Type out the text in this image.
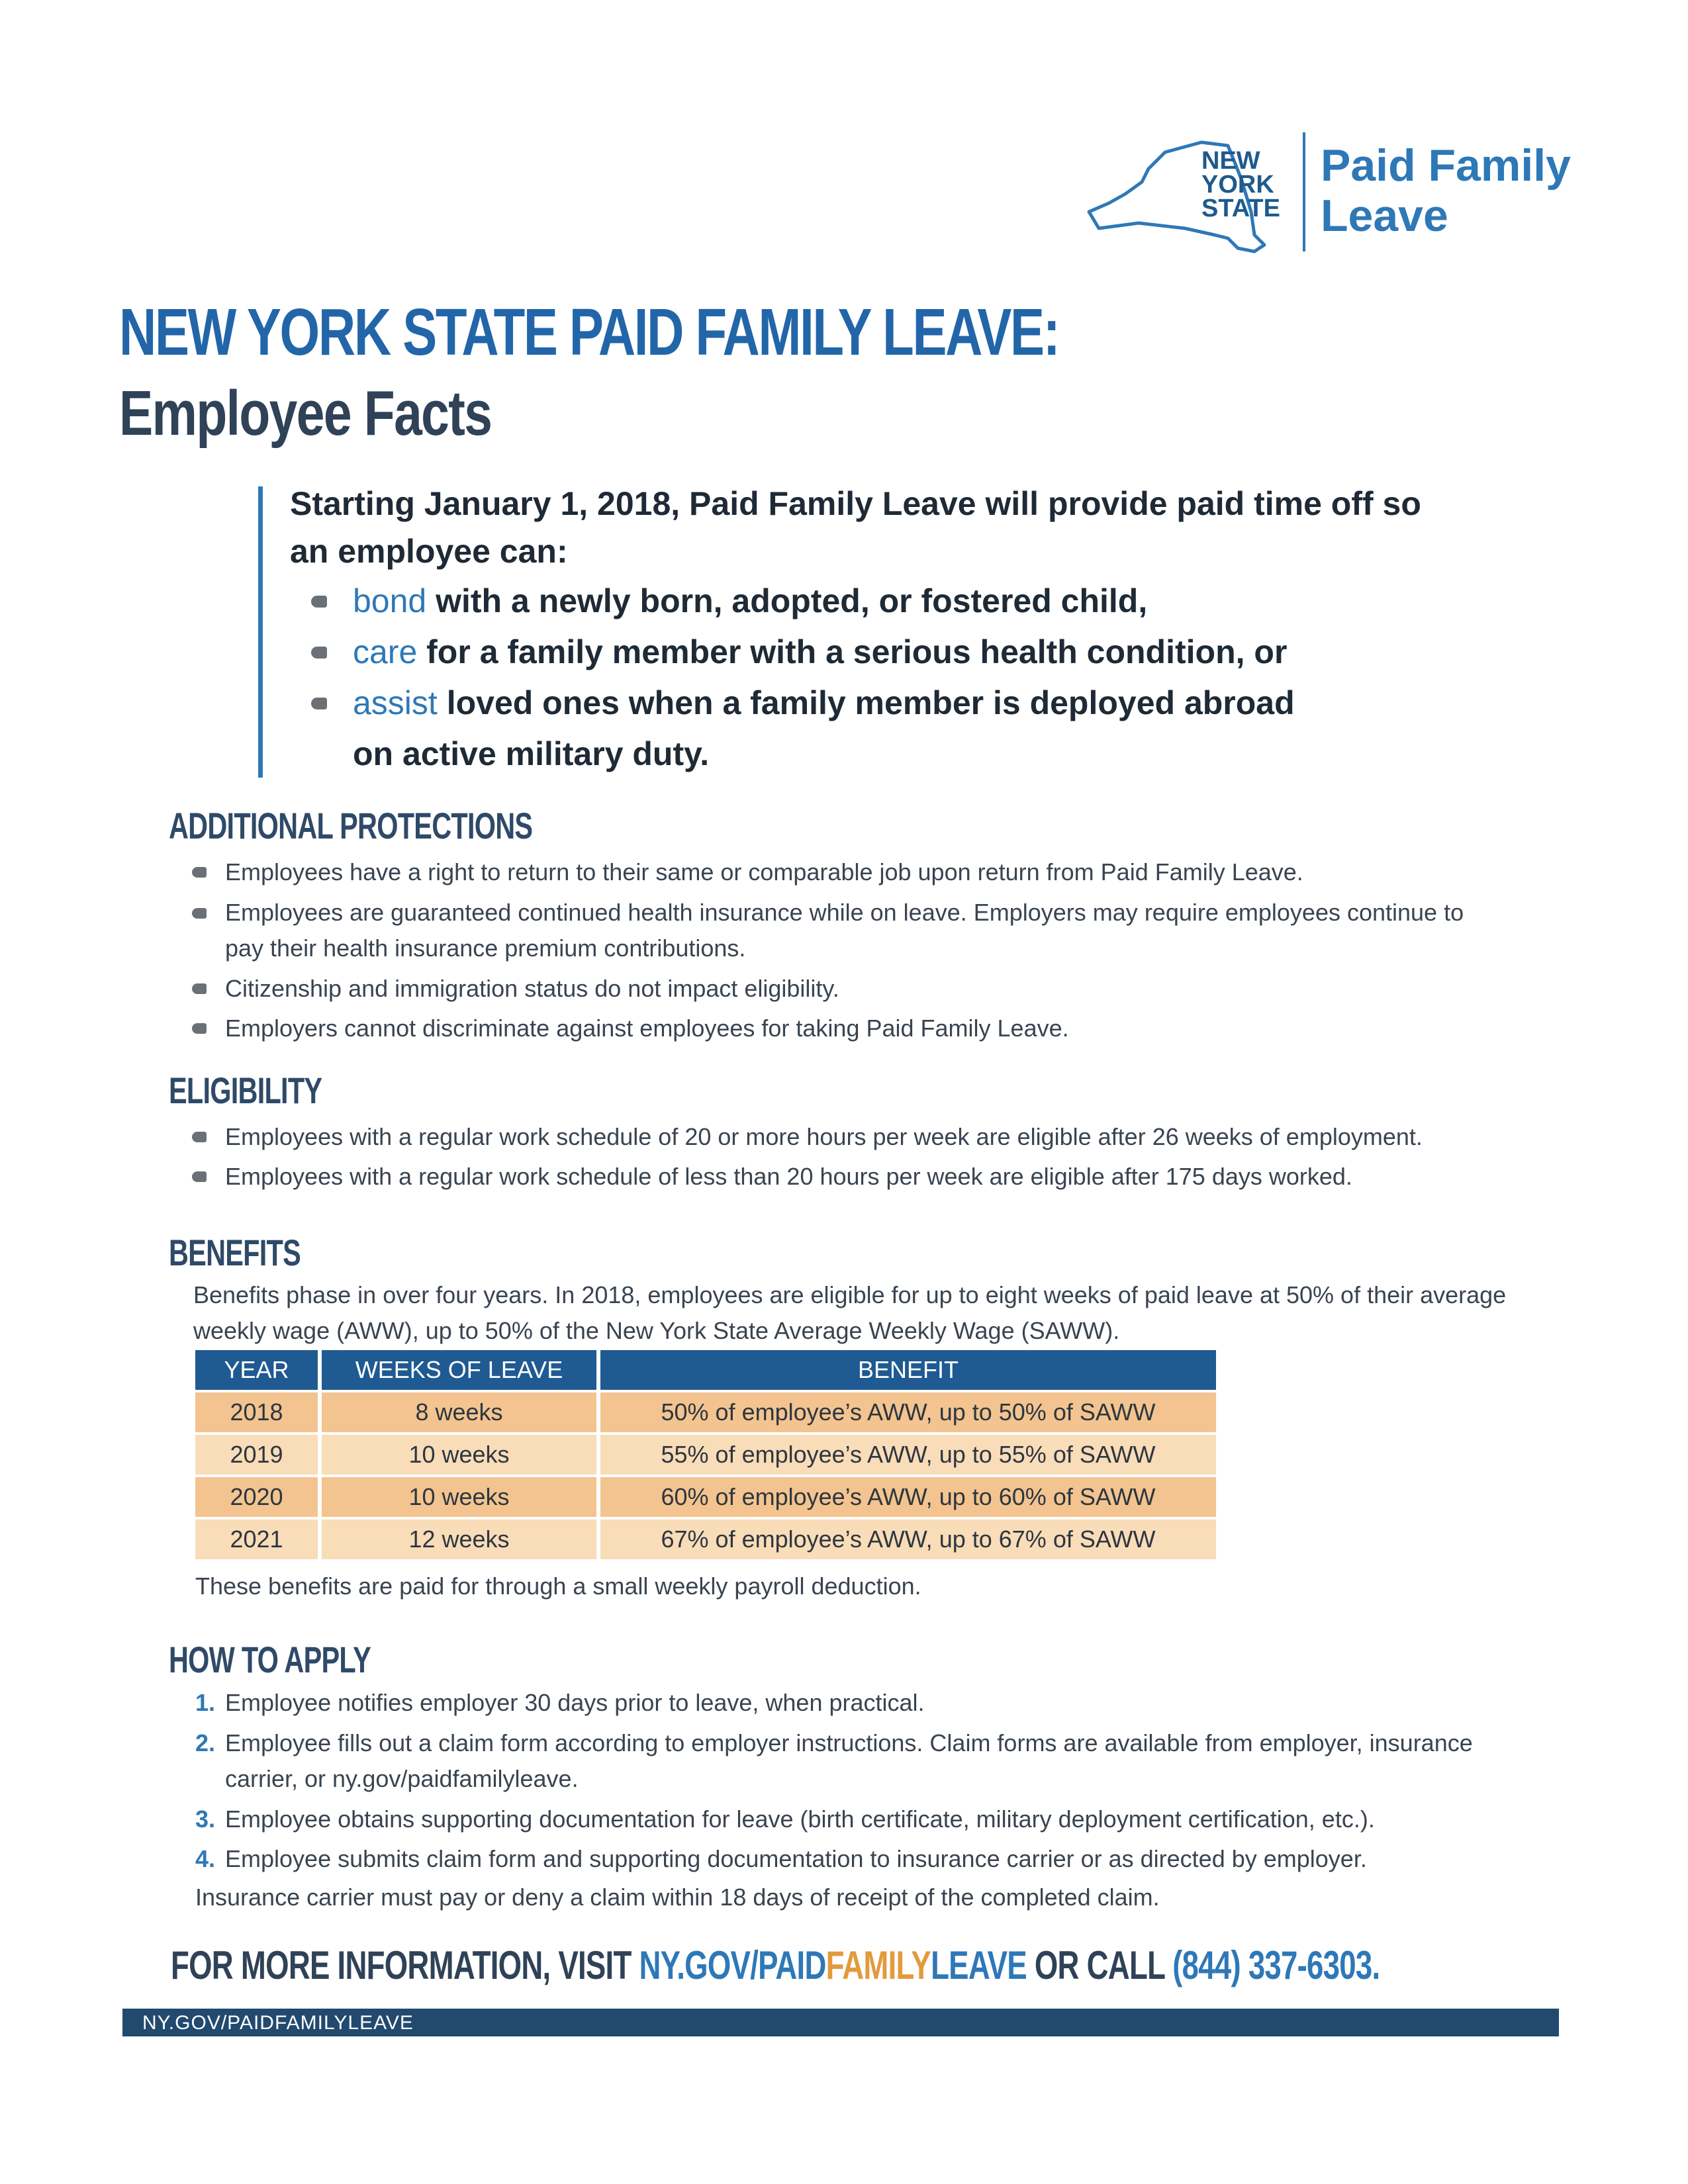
NEW
YORK
STATE
Paid Family
Leave
NEW YORK STATE PAID FAMILY LEAVE:
Employee Facts
Starting January 1, 2018, Paid Family Leave will provide paid time off so an employee can:
bond with a newly born, adopted, or fostered child,
care for a family member with a serious health condition, or
assist loved ones when a family member is deployed abroad
on active military duty.
ADDITIONAL PROTECTIONS
Employees have a right to return to their same or comparable job upon return from Paid Family Leave.
Employees are guaranteed continued health insurance while on leave. Employers may require employees continue to pay their health insurance premium contributions.
Citizenship and immigration status do not impact eligibility.
Employers cannot discriminate against employees for taking Paid Family Leave.
ELIGIBILITY
Employees with a regular work schedule of 20 or more hours per week are eligible after 26 weeks of employment.
Employees with a regular work schedule of less than 20 hours per week are eligible after 175 days worked.
BENEFITS
Benefits phase in over four years. In 2018, employees are eligible for up to eight weeks of paid leave at 50% of their average weekly wage (AWW), up to 50% of the New York State Average Weekly Wage (SAWW).
YEAR	WEEKS OF LEAVE	BENEFIT
2018	8 weeks	50% of employee’s AWW, up to 50% of SAWW
2019	10 weeks	55% of employee’s AWW, up to 55% of SAWW
2020	10 weeks	60% of employee’s AWW, up to 60% of SAWW
2021	12 weeks	67% of employee’s AWW, up to 67% of SAWW
These benefits are paid for through a small weekly payroll deduction.
HOW TO APPLY
1. Employee notifies employer 30 days prior to leave, when practical.
2. Employee fills out a claim form according to employer instructions. Claim forms are available from employer, insurance carrier, or ny.gov/paidfamilyleave.
3. Employee obtains supporting documentation for leave (birth certificate, military deployment certification, etc.).
4. Employee submits claim form and supporting documentation to insurance carrier or as directed by employer.
Insurance carrier must pay or deny a claim within 18 days of receipt of the completed claim.
FOR MORE INFORMATION, VISIT NY.GOV/PAIDFAMILYLEAVE OR CALL (844) 337-6303.
NY.GOV/PAIDFAMILYLEAVE
